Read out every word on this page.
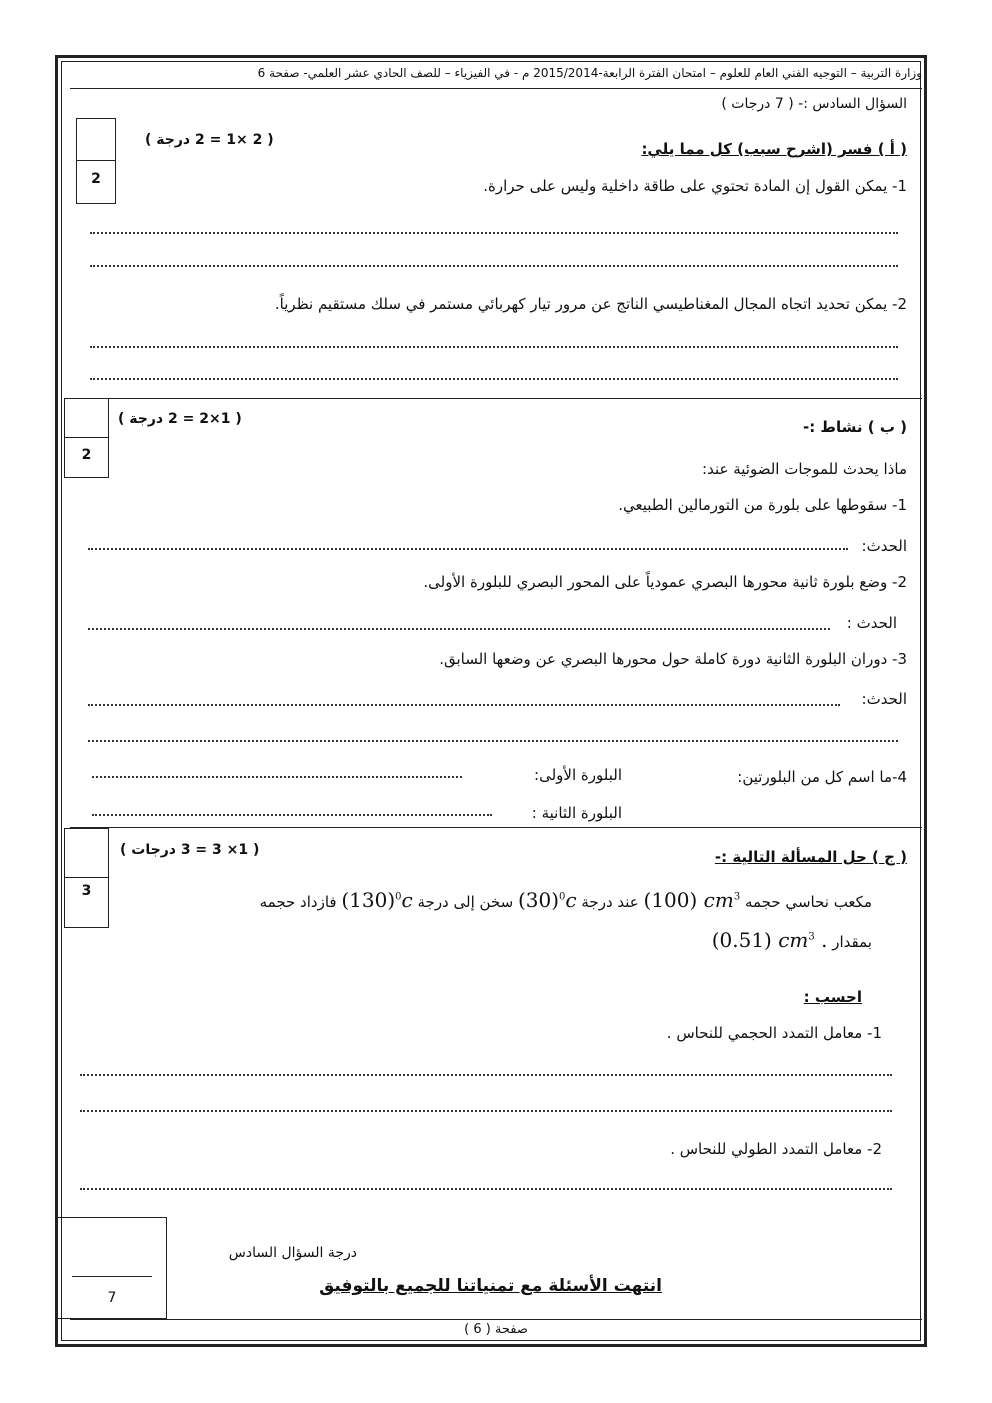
وزارة التربية – التوجيه الفني العام للعلوم – امتحان الفترة الرابعة-2015/2014 م - في الفيزياء – للصف الحادي عشر العلمي- صفحة 6
السؤال السادس :- ( 7 درجات )
2
( أ ) فسر (اشرح سبب) كل مما يلي:
( 2 ×1 = 2 درجة )
1- يمكن القول إن المادة تحتوي على طاقة داخلية وليس على حرارة.
2- يمكن تحديد اتجاه المجال المغناطيسي الناتج عن مرور تيار كهربائي مستمر في سلك مستقيم نظرياً.
2
( ب ) نشاط :-
( 1×2 = 2 درجة )
ماذا يحدث للموجات الضوئية عند:
1- سقوطها على بلورة من التورمالين الطبيعي.
الحدث:
2- وضع بلورة ثانية محورها البصري عمودياً على المحور البصري للبلورة الأولى.
الحدث :
3- دوران البلورة الثانية دورة كاملة حول محورها البصري عن وضعها السابق.
الحدث:
4-ما اسم كل من البلورتين:
البلورة الأولى:
البلورة الثانية :
3
( ج ) حل المسألة التالية :-
( 1× 3 = 3 درجات )
مكعب نحاسي حجمه (100) $cm^3$ عند درجة $(30)^0c$ سخن إلى درجة $(130)^0c$ فازداد حجمه
بمقدار (0.51) $cm^3$ .
احسب :
1- معامل التمدد الحجمي للنحاس .
2- معامل التمدد الطولي للنحاس .
7
درجة السؤال السادس
انتهت الأسئلة مع تمنياتنا للجميع بالتوفيق
صفحة ( 6 )
